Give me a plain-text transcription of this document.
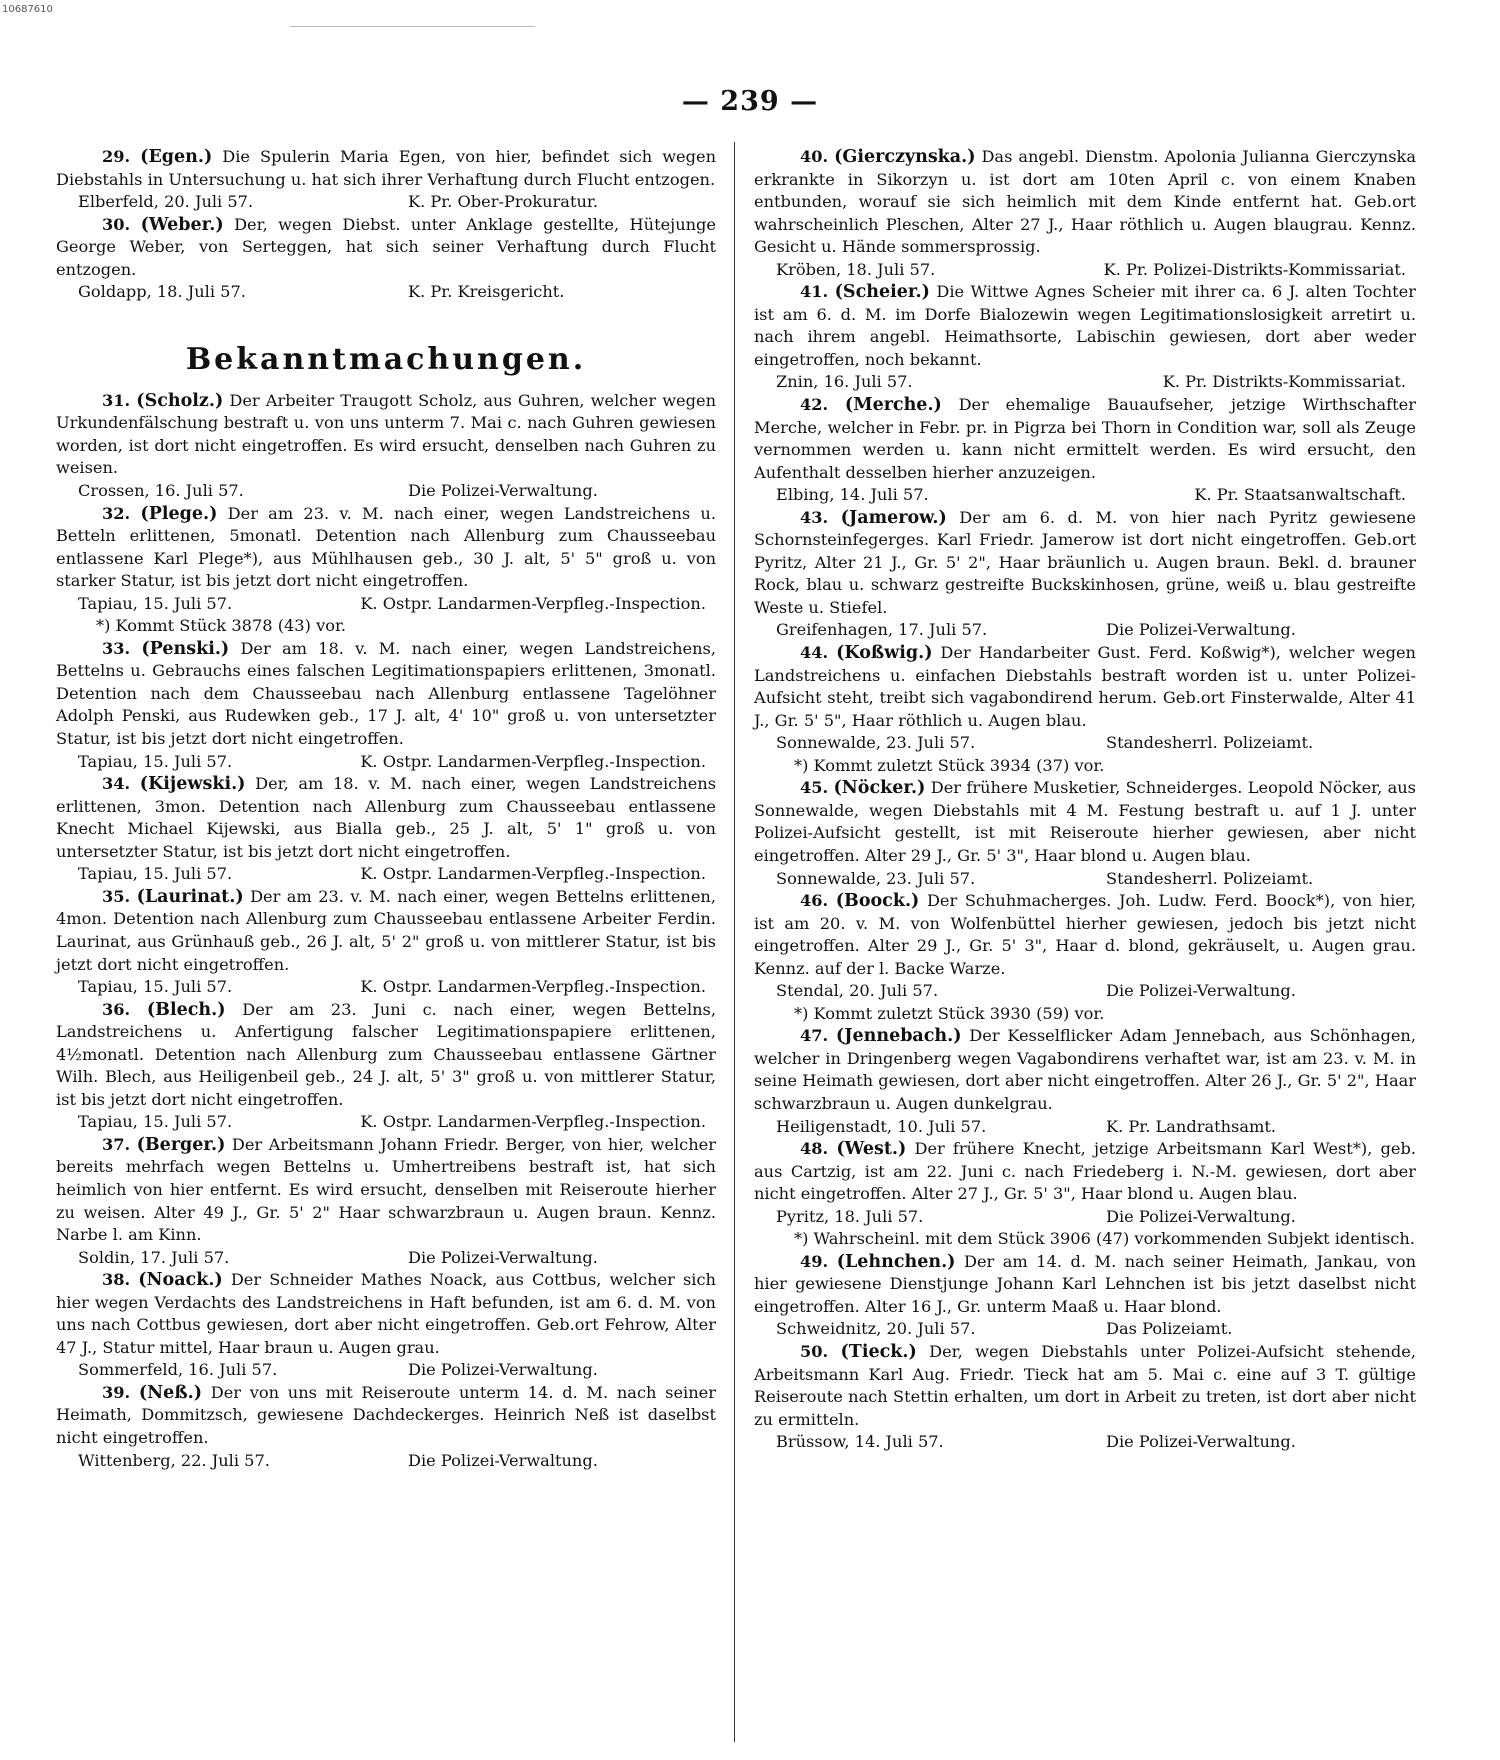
10687610
— 239 —

29. (Egen.) Die Spulerin Maria Egen, von hier, befindet sich wegen Diebstahls in Untersuchung u. hat sich ihrer Verhaftung durch Flucht entzogen.

Elberfeld, 20. Juli 57.	K. Pr. Ober-Prokuratur.

30. (Weber.) Der, wegen Diebst. unter Anklage gestellte, Hütejunge George Weber, von Serteggen, hat sich seiner Verhaftung durch Flucht entzogen.

Goldapp, 18. Juli 57.	K. Pr. Kreisgericht.
Bekanntmachungen.

31. (Scholz.) Der Arbeiter Traugott Scholz, aus Guhren, welcher wegen Urkundenfälschung bestraft u. von uns unterm 7. Mai c. nach Guhren gewiesen worden, ist dort nicht eingetroffen. Es wird ersucht, denselben nach Guhren zu weisen.

Crossen, 16. Juli 57.	Die Polizei-Verwaltung.

32. (Plege.) Der am 23. v. M. nach einer, wegen Landstreichens u. Betteln erlittenen, 5monatl. Detention nach Allenburg zum Chausseebau entlassene Karl Plege*), aus Mühlhausen geb., 30 J. alt, 5' 5" groß u. von starker Statur, ist bis jetzt dort nicht eingetroffen.

Tapiau, 15. Juli 57.	K. Ostpr. Landarmen-Verpfleg.-Inspection.
*) Kommt Stück 3878 (43) vor.

33. (Penski.) Der am 18. v. M. nach einer, wegen Landstreichens, Bettelns u. Gebrauchs eines falschen Legitimationspapiers erlittenen, 3monatl. Detention nach dem Chausseebau nach Allenburg entlassene Tagelöhner Adolph Penski, aus Rudewken geb., 17 J. alt, 4' 10" groß u. von untersetzter Statur, ist bis jetzt dort nicht eingetroffen.

Tapiau, 15. Juli 57.	K. Ostpr. Landarmen-Verpfleg.-Inspection.

34. (Kijewski.) Der, am 18. v. M. nach einer, wegen Landstreichens erlittenen, 3mon. Detention nach Allenburg zum Chausseebau entlassene Knecht Michael Kijewski, aus Bialla geb., 25 J. alt, 5' 1" groß u. von untersetzter Statur, ist bis jetzt dort nicht eingetroffen.

Tapiau, 15. Juli 57.	K. Ostpr. Landarmen-Verpfleg.-Inspection.

35. (Laurinat.) Der am 23. v. M. nach einer, wegen Bettelns erlittenen, 4mon. Detention nach Allenburg zum Chausseebau entlassene Arbeiter Ferdin. Laurinat, aus Grünhauß geb., 26 J. alt, 5' 2" groß u. von mittlerer Statur, ist bis jetzt dort nicht eingetroffen.

Tapiau, 15. Juli 57.	K. Ostpr. Landarmen-Verpfleg.-Inspection.

36. (Blech.) Der am 23. Juni c. nach einer, wegen Bettelns, Landstreichens u. Anfertigung falscher Legitimationspapiere erlittenen, 4½monatl. Detention nach Allenburg zum Chausseebau entlassene Gärtner Wilh. Blech, aus Heiligenbeil geb., 24 J. alt, 5' 3" groß u. von mittlerer Statur, ist bis jetzt dort nicht eingetroffen.

Tapiau, 15. Juli 57.	K. Ostpr. Landarmen-Verpfleg.-Inspection.

37. (Berger.) Der Arbeitsmann Johann Friedr. Berger, von hier, welcher bereits mehrfach wegen Bettelns u. Umhertreibens bestraft ist, hat sich heimlich von hier entfernt. Es wird ersucht, denselben mit Reiseroute hierher zu weisen. Alter 49 J., Gr. 5' 2" Haar schwarzbraun u. Augen braun. Kennz. Narbe l. am Kinn.

Soldin, 17. Juli 57.	Die Polizei-Verwaltung.

38. (Noack.) Der Schneider Mathes Noack, aus Cottbus, welcher sich hier wegen Verdachts des Landstreichens in Haft befunden, ist am 6. d. M. von uns nach Cottbus gewiesen, dort aber nicht eingetroffen. Geb.ort Fehrow, Alter 47 J., Statur mittel, Haar braun u. Augen grau.

Sommerfeld, 16. Juli 57.	Die Polizei-Verwaltung.

39. (Neß.) Der von uns mit Reiseroute unterm 14. d. M. nach seiner Heimath, Dommitzsch, gewiesene Dachdeckerges. Heinrich Neß ist daselbst nicht eingetroffen.

Wittenberg, 22. Juli 57.	Die Polizei-Verwaltung.

40. (Gierczynska.) Das angebl. Dienstm. Apolonia Julianna Gierczynska erkrankte in Sikorzyn u. ist dort am 10ten April c. von einem Knaben entbunden, worauf sie sich heimlich mit dem Kinde entfernt hat. Geb.ort wahrscheinlich Pleschen, Alter 27 J., Haar röthlich u. Augen blaugrau. Kennz. Gesicht u. Hände sommersprossig.

Kröben, 18. Juli 57.	K. Pr. Polizei-Distrikts-Kommissariat.

41. (Scheier.) Die Wittwe Agnes Scheier mit ihrer ca. 6 J. alten Tochter ist am 6. d. M. im Dorfe Bialozewin wegen Legitimationslosigkeit arretirt u. nach ihrem angebl. Heimathsorte, Labischin gewiesen, dort aber weder eingetroffen, noch bekannt.

Znin, 16. Juli 57.	K. Pr. Distrikts-Kommissariat.

42. (Merche.) Der ehemalige Bauaufseher, jetzige Wirthschafter Merche, welcher in Febr. pr. in Pigrza bei Thorn in Condition war, soll als Zeuge vernommen werden u. kann nicht ermittelt werden. Es wird ersucht, den Aufenthalt desselben hierher anzuzeigen.

Elbing, 14. Juli 57.	K. Pr. Staatsanwaltschaft.

43. (Jamerow.) Der am 6. d. M. von hier nach Pyritz gewiesene Schornsteinfegerges. Karl Friedr. Jamerow ist dort nicht eingetroffen. Geb.ort Pyritz, Alter 21 J., Gr. 5' 2", Haar bräunlich u. Augen braun. Bekl. d. brauner Rock, blau u. schwarz gestreifte Buckskinhosen, grüne, weiß u. blau gestreifte Weste u. Stiefel.

Greifenhagen, 17. Juli 57.	Die Polizei-Verwaltung.

44. (Koßwig.) Der Handarbeiter Gust. Ferd. Koßwig*), welcher wegen Landstreichens u. einfachen Diebstahls bestraft worden ist u. unter Polizei-Aufsicht steht, treibt sich vagabondirend herum. Geb.ort Finsterwalde, Alter 41 J., Gr. 5' 5", Haar röthlich u. Augen blau.

Sonnewalde, 23. Juli 57.	Standesherrl. Polizeiamt.
*) Kommt zuletzt Stück 3934 (37) vor.

45. (Nöcker.) Der frühere Musketier, Schneiderges. Leopold Nöcker, aus Sonnewalde, wegen Diebstahls mit 4 M. Festung bestraft u. auf 1 J. unter Polizei-Aufsicht gestellt, ist mit Reiseroute hierher gewiesen, aber nicht eingetroffen. Alter 29 J., Gr. 5' 3", Haar blond u. Augen blau.

Sonnewalde, 23. Juli 57.	Standesherrl. Polizeiamt.

46. (Boock.) Der Schuhmacherges. Joh. Ludw. Ferd. Boock*), von hier, ist am 20. v. M. von Wolfenbüttel hierher gewiesen, jedoch bis jetzt nicht eingetroffen. Alter 29 J., Gr. 5' 3", Haar d. blond, gekräuselt, u. Augen grau. Kennz. auf der l. Backe Warze.

Stendal, 20. Juli 57.	Die Polizei-Verwaltung.
*) Kommt zuletzt Stück 3930 (59) vor.

47. (Jennebach.) Der Kesselflicker Adam Jennebach, aus Schönhagen, welcher in Dringenberg wegen Vagabondirens verhaftet war, ist am 23. v. M. in seine Heimath gewiesen, dort aber nicht eingetroffen. Alter 26 J., Gr. 5' 2", Haar schwarzbraun u. Augen dunkelgrau.

Heiligenstadt, 10. Juli 57.	K. Pr. Landrathsamt.

48. (West.) Der frühere Knecht, jetzige Arbeitsmann Karl West*), geb. aus Cartzig, ist am 22. Juni c. nach Friedeberg i. N.-M. gewiesen, dort aber nicht eingetroffen. Alter 27 J., Gr. 5' 3", Haar blond u. Augen blau.

Pyritz, 18. Juli 57.	Die Polizei-Verwaltung.
*) Wahrscheinl. mit dem Stück 3906 (47) vorkommenden Subjekt identisch.

49. (Lehnchen.) Der am 14. d. M. nach seiner Heimath, Jankau, von hier gewiesene Dienstjunge Johann Karl Lehnchen ist bis jetzt daselbst nicht eingetroffen. Alter 16 J., Gr. unterm Maaß u. Haar blond.

Schweidnitz, 20. Juli 57.	Das Polizeiamt.

50. (Tieck.) Der, wegen Diebstahls unter Polizei-Aufsicht stehende, Arbeitsmann Karl Aug. Friedr. Tieck hat am 5. Mai c. eine auf 3 T. gültige Reiseroute nach Stettin erhalten, um dort in Arbeit zu treten, ist dort aber nicht zu ermitteln.

Brüssow, 14. Juli 57.	Die Polizei-Verwaltung.
